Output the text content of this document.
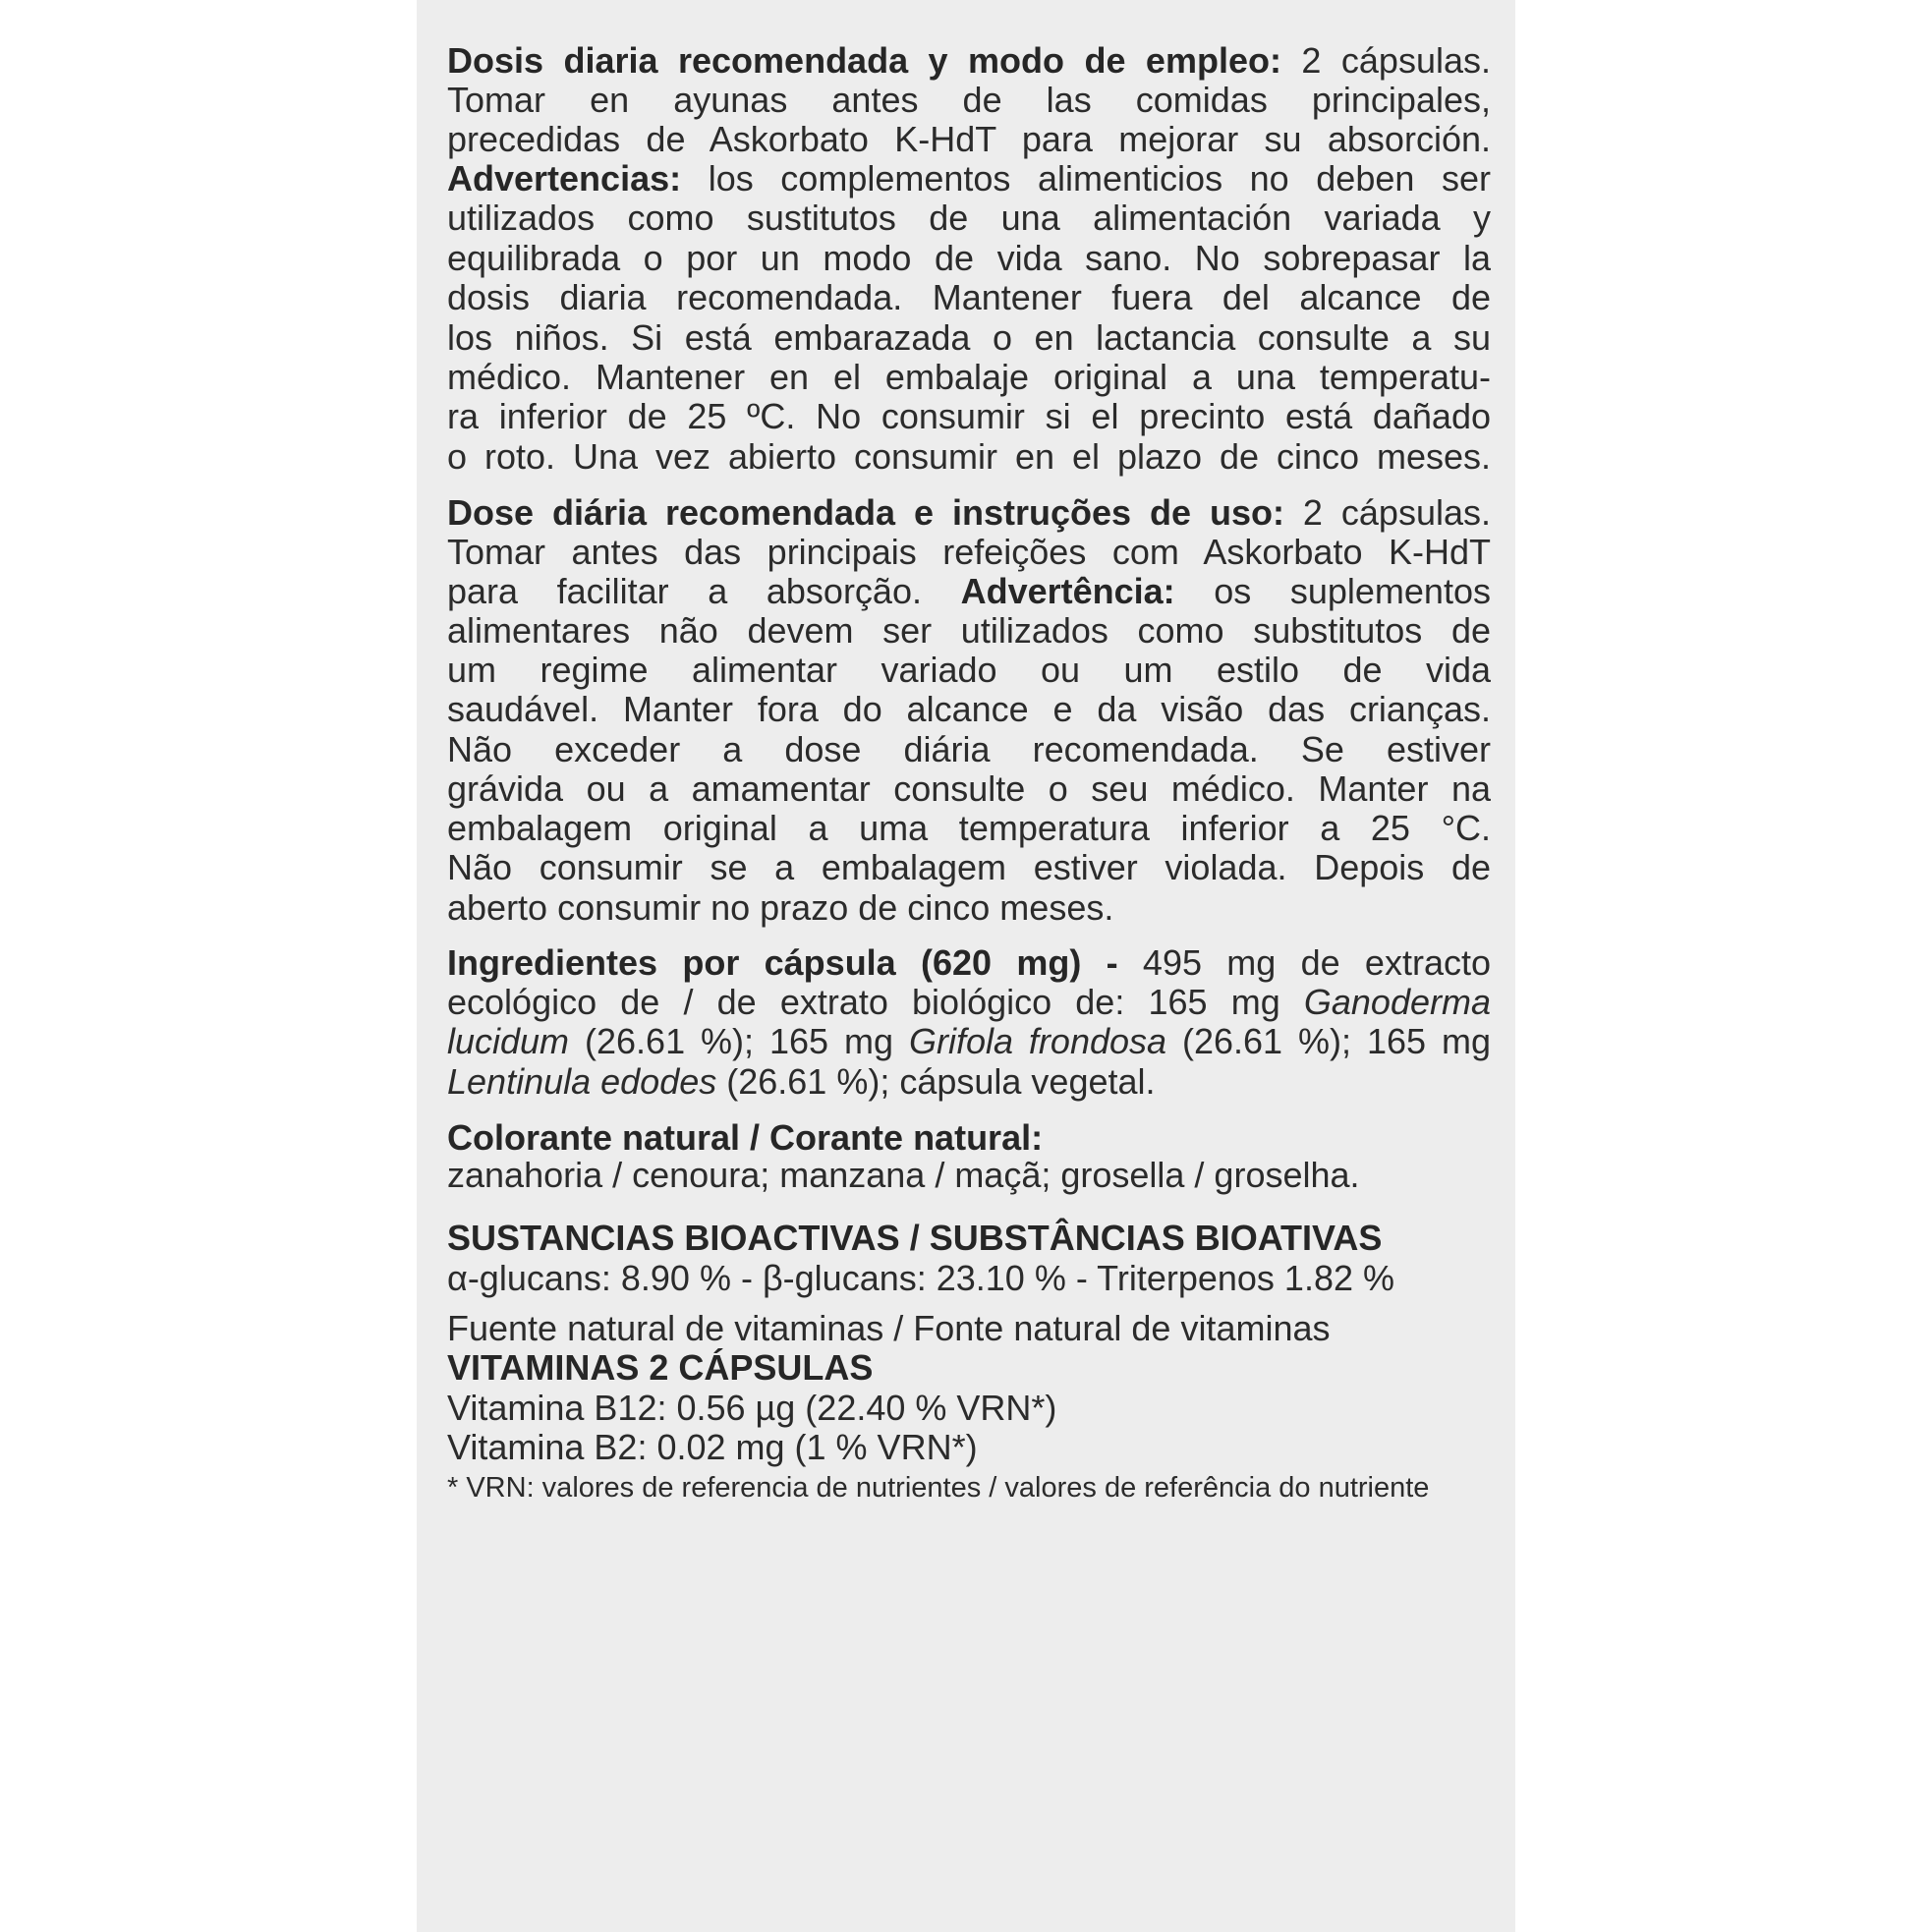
Dosis diaria recomendada y modo de empleo: 2 cápsulas.
Tomar en ayunas antes de las comidas principales,
precedidas de Askorbato K-HdT para mejorar su absorción.
Advertencias: los complementos alimenticios no deben ser
utilizados como sustitutos de una alimentación variada y
equilibrada o por un modo de vida sano. No sobrepasar la
dosis diaria recomendada. Mantener fuera del alcance de
los niños. Si está embarazada o en lactancia consulte a su
médico. Mantener en el embalaje original a una temperatu-
ra inferior de 25 ºC. No consumir si el precinto está dañado
o roto. Una vez abierto consumir en el plazo de cinco meses.
Dose diária recomendada e instruções de uso: 2 cápsulas.
Tomar antes das principais refeições com Askorbato K-HdT
para facilitar a absorção. Advertência: os suplementos
alimentares não devem ser utilizados como substitutos de
um regime alimentar variado ou um estilo de vida
saudável. Manter fora do alcance e da visão das crianças.
Não exceder a dose diária recomendada. Se estiver
grávida ou a amamentar consulte o seu médico. Manter na
embalagem original a uma temperatura inferior a 25 °C.
Não consumir se a embalagem estiver violada. Depois de
aberto consumir no prazo de cinco meses.
Ingredientes por cápsula (620 mg) - 495 mg de extracto
ecológico de / de extrato biológico de: 165 mg Ganoderma
lucidum (26.61 %); 165 mg Grifola frondosa (26.61 %); 165 mg
Lentinula edodes (26.61 %); cápsula vegetal.
Colorante natural / Corante natural:
zanahoria / cenoura; manzana / maçã; grosella / groselha.
SUSTANCIAS BIOACTIVAS / SUBSTÂNCIAS BIOATIVAS
α-glucans: 8.90 % - β-glucans: 23.10 % - Triterpenos 1.82 %
Fuente natural de vitaminas / Fonte natural de vitaminas
VITAMINAS 2 CÁPSULAS
Vitamina B12: 0.56 µg (22.40 % VRN*)
Vitamina B2: 0.02 mg (1 % VRN*)
* VRN: valores de referencia de nutrientes / valores de referência do nutriente
